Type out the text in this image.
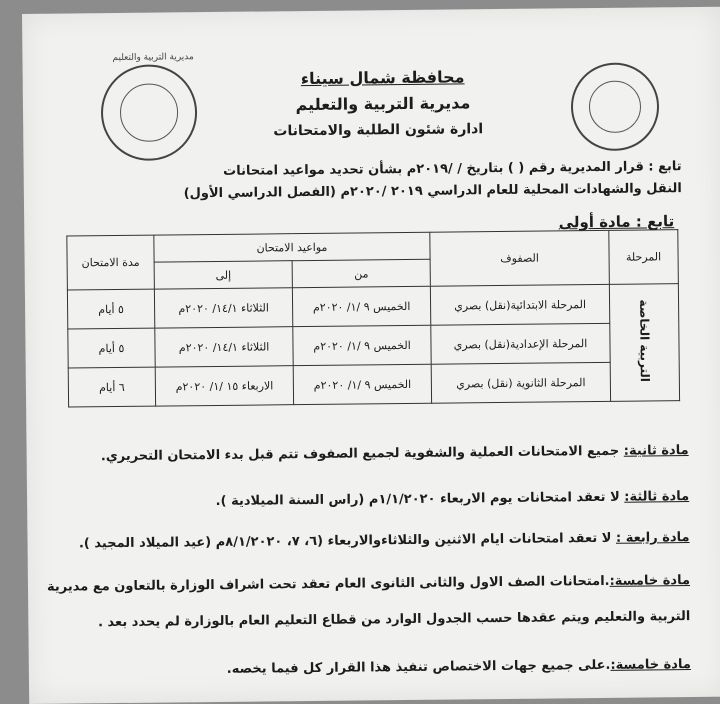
مديرية التربية والتعليم
محافظة شمال سيناء
مديرية التربية والتعليم
ادارة شئون الطلبة والامتحانات
تابع : قرار المديرية رقم ( ) بتاريخ / /٢٠١٩م بشأن تحديد مواعيد امتحانات
النقل والشهادات المحلية للعام الدراسي ٢٠١٩ /٢٠٢٠م (الفصل الدراسي الأول)
تابع : مادة أولى
المرحلة	الصفوف	مواعيد الامتحان		مدة الامتحان
		من	إلى	
التربية الخاصة	المرحلة الابتدائية(نقل) بصري	الخميس ٩ /١/ ٢٠٢٠م	الثلاثاء ١٤/١/ ٢٠٢٠م	٥ أيام
	المرحلة الإعدادية(نقل) بصري	الخميس ٩ /١/ ٢٠٢٠م	الثلاثاء ١٤/١/ ٢٠٢٠م	٥ أيام
	المرحلة الثانوية (نقل) بصري	الخميس ٩ /١/ ٢٠٢٠م	الاربعاء ١٥ /١/ ٢٠٢٠م	٦ أيام
مادة ثانية: جميع الامتحانات العملية والشفوية لجميع الصفوف تتم قبل بدء الامتحان التحريري.
مادة ثالثة: لا تعقد امتحانات يوم الاربعاء ١/١/٢٠٢٠م (راس السنة الميلادية ).
مادة رابعة : لا تعقد امتحانات ايام الاثنين والثلاثاءوالاربعاء (٦، ٧، ٨/١/٢٠٢٠م (عيد الميلاد المجيد ).
مادة خامسة:.امتحانات الصف الاول والثانى الثانوى العام تعقد تحت اشراف الوزارة بالتعاون مع مديرية
التربية والتعليم ويتم عقدها حسب الجدول الوارد من قطاع التعليم العام بالوزارة لم يحدد بعد .
مادة خامسة:.على جميع جهات الاختصاص تنفيذ هذا القرار كل فيما يخصه.
